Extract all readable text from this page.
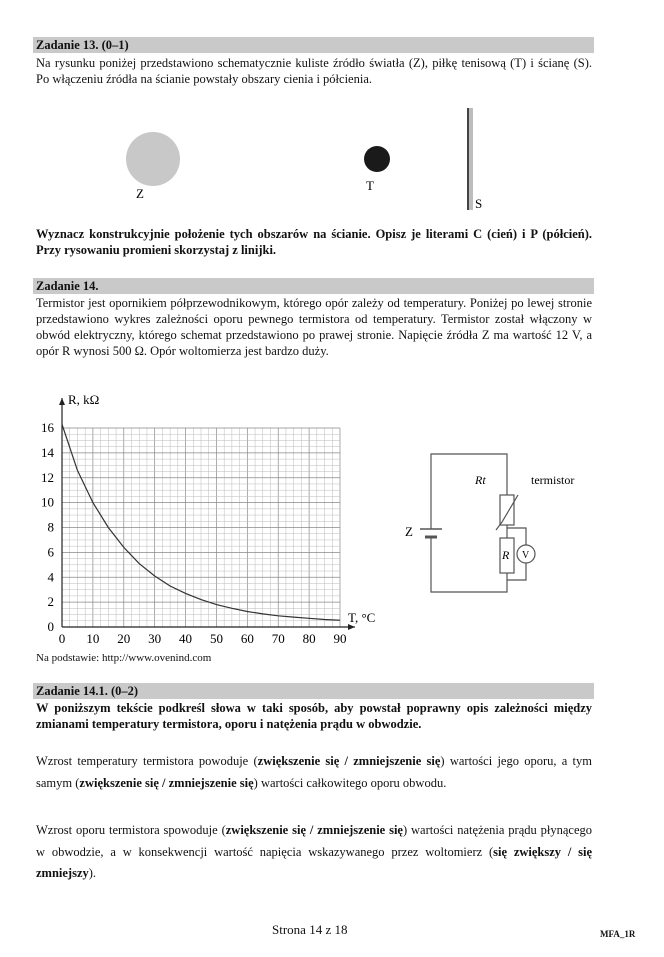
Zadanie 13. (0–1)
Na rysunku poniżej przedstawiono schematycznie kuliste źródło światła (Z), piłkę tenisową (T) i ścianę (S). Po włączeniu źródła na ścianie powstały obszary cienia i półcienia.
Z
T
S
Wyznacz konstrukcyjnie położenie tych obszarów na ścianie. Opisz je literami C (cień) i P (półcień). Przy rysowaniu promieni skorzystaj z linijki.
Zadanie 14.
Termistor jest opornikiem półprzewodnikowym, którego opór zależy od temperatury. Poniżej po lewej stronie przedstawiono wykres zależności oporu pewnego termistora od temperatury. Termistor został włączony w obwód elektryczny, którego schemat przedstawiono po prawej stronie. Napięcie źródła Z ma wartość 12 V, a opór R wynosi 500 Ω. Opór woltomierza jest bardzo duży.
0 10 20 30 40 50 60 70 80 90
0
2
4
6
8
10
12
14
16
R, kΩ
T, °C
Na podstawie: http://www.ovenind.com
Rt	termistor
Z
R V
Zadanie 14.1. (0–2)
W poniższym tekście podkreśl słowa w taki sposób, aby powstał poprawny opis zależności między zmianami temperatury termistora, oporu i natężenia prądu w obwodzie.
Wzrost temperatury termistora powoduje (zwiększenie się / zmniejszenie się) wartości jego oporu, a tym samym (zwiększenie się / zmniejszenie się) wartości całkowitego oporu obwodu.
Wzrost oporu termistora spowoduje (zwiększenie się / zmniejszenie się) wartości natężenia prądu płynącego w obwodzie, a w konsekwencji wartość napięcia wskazywanego przez woltomierz (się zwiększy / się zmniejszy).
Strona 14 z 18	MFA_1R
